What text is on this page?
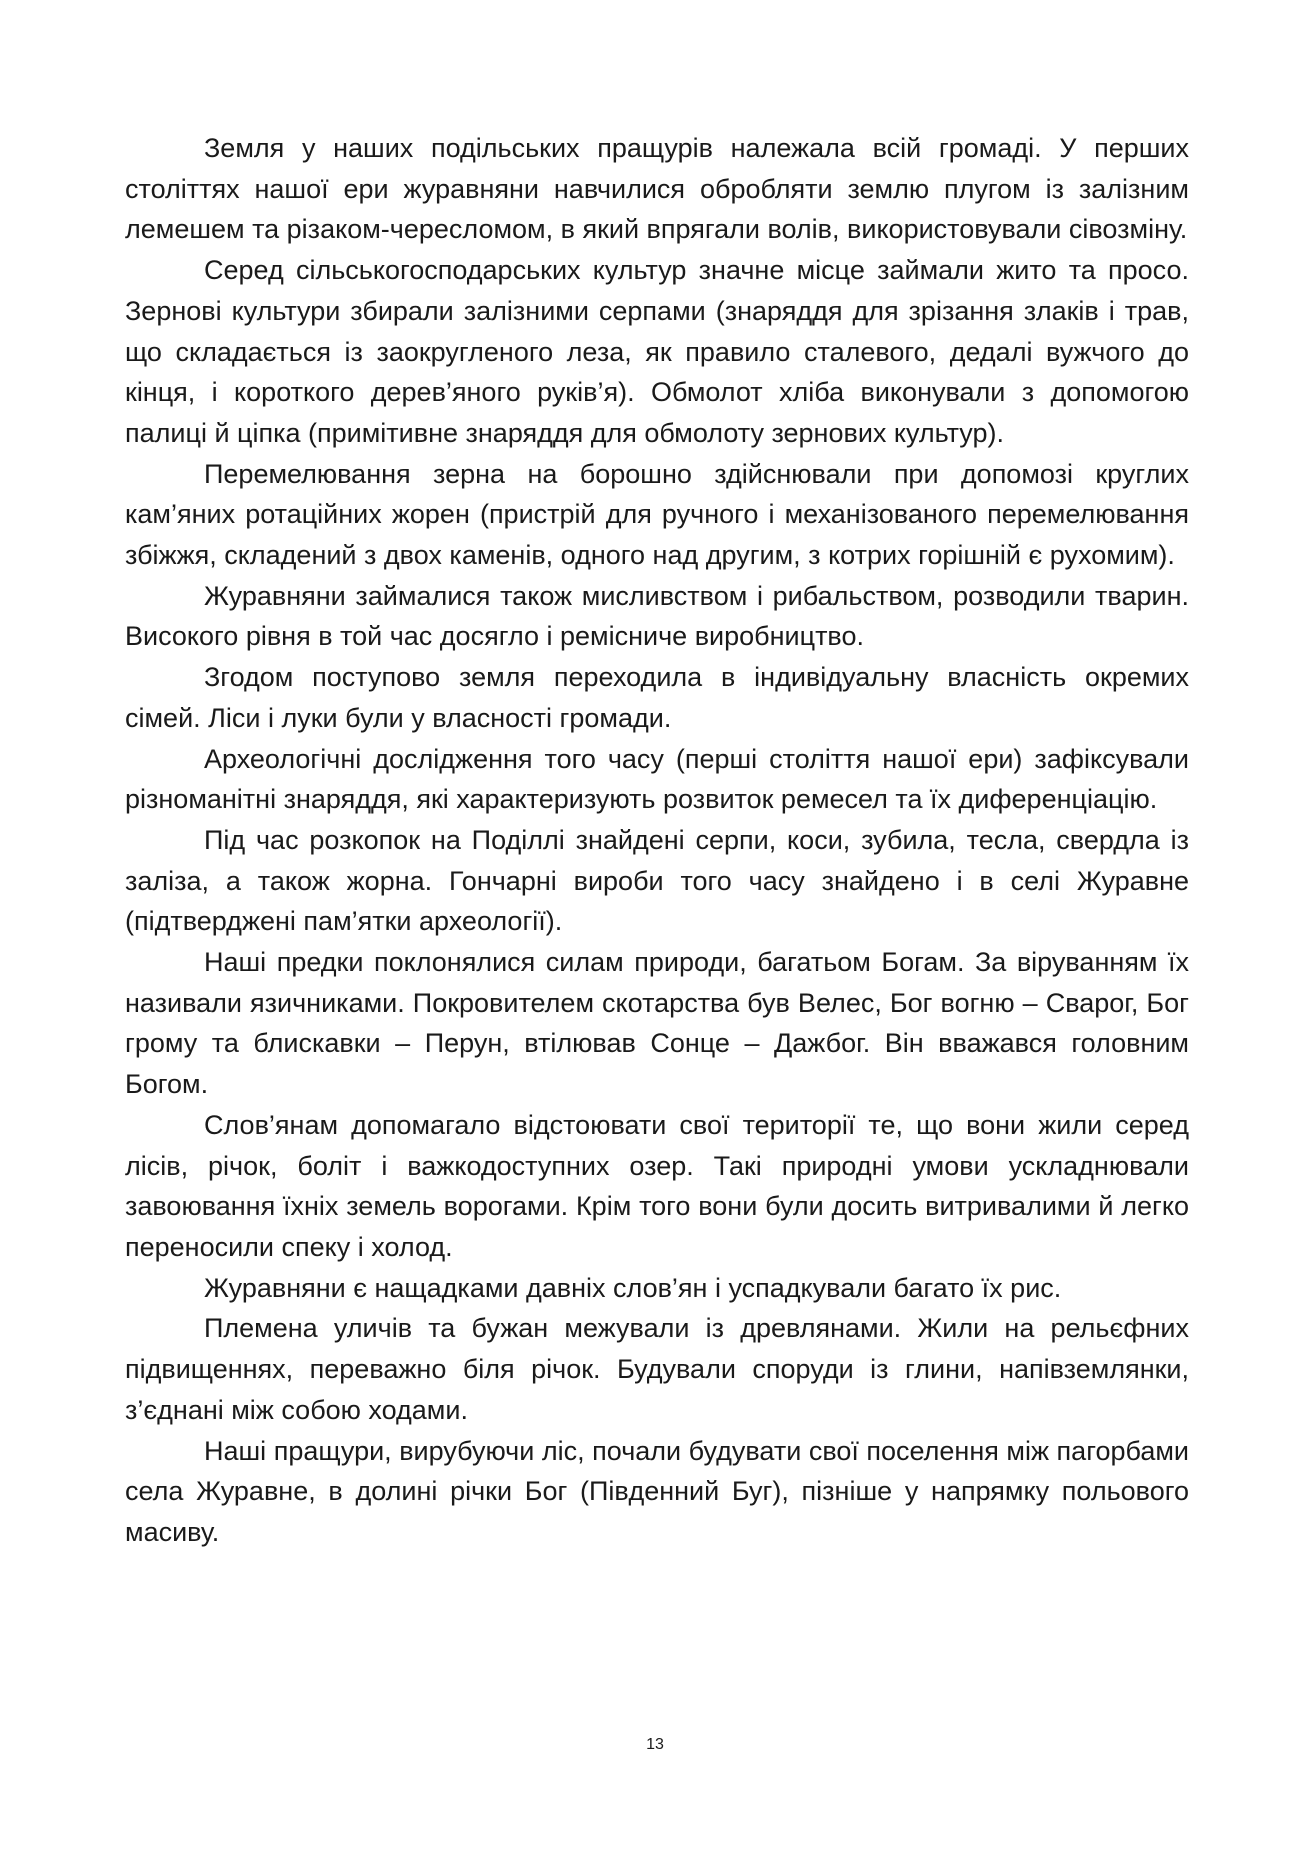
Земля у наших подільських пращурів належала всій громаді. У перших століттях нашої ери журавняни навчилися обробляти землю плугом із залізним лемешем та різаком-чересломом, в який впрягали волів, використовували сівозміну.

Серед сільськогосподарських культур значне місце займали жито та просо. Зернові культури збирали залізними серпами (знаряддя для зрізання злаків і трав, що складається із заокругленого леза, як правило сталевого, дедалі вужчого до кінця, і короткого дерев’яного руків’я). Обмолот хліба виконували з допомогою палиці й ціпка (примітивне знаряддя для обмолоту зернових культур).

Перемелювання зерна на борошно здійснювали при допомозі круглих кам’яних ротаційних жорен (пристрій для ручного і механізованого перемелювання збіжжя, складений з двох каменів, одного над другим, з котрих горішній є рухомим).

Журавняни займалися також мисливством і рибальством, розводили тварин. Високого рівня в той час досягло і ремісниче виробництво.

Згодом поступово земля переходила в індивідуальну власність окремих сімей. Ліси і луки були у власності громади.

Археологічні дослідження того часу (перші століття нашої ери) зафіксували різноманітні знаряддя, які характеризують розвиток ремесел та їх диференціацію.

Під час розкопок на Поділлі знайдені серпи, коси, зубила, тесла, свердла із заліза, а також жорна. Гончарні вироби того часу знайдено і в селі Журавне (підтверджені пам’ятки археології).

Наші предки поклонялися силам природи, багатьом Богам. За віруванням їх називали язичниками. Покровителем скотарства був Велес, Бог вогню – Сварог, Бог грому та блискавки – Перун, втілював Сонце – Дажбог. Він вважався головним Богом.

Слов’янам допомагало відстоювати свої території те, що вони жили серед лісів, річок, боліт і важкодоступних озер. Такі природні умови ускладнювали завоювання їхніх земель ворогами. Крім того вони були досить витривалими й легко переносили спеку і холод.

Журавняни є нащадками давніх слов’ян і успадкували багато їх рис.

Племена уличів та бужан межували із древлянами. Жили на рельєфних підвищеннях, переважно біля річок. Будували споруди із глини, напівземлянки, з’єднані між собою ходами.

Наші пращури, вирубуючи ліс, почали будувати свої поселення між пагорбами села Журавне, в долині річки Бог (Південний Буг), пізніше у напрямку польового масиву.

13
